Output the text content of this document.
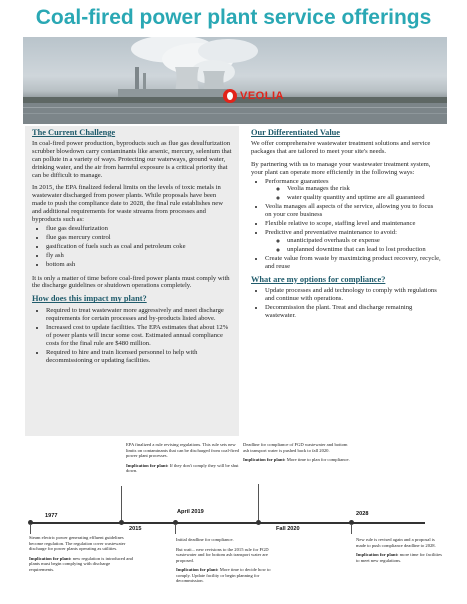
Coal-fired power plant service offerings
VEOLIA
The Current Challenge

In coal-fired power production, byproducts such as flue gas desulfurization scrubber blowdown carry contaminants like arsenic, mercury, selenium that can pollute in a variety of ways. Protecting our waterways, ground water, drinking water, and the air from harmful exposure is a critical priority that can be difficult to manage.

In 2015, the EPA finalized federal limits on the levels of toxic metals in wastewater discharged from power plants. While proposals have been made to push the compliance date to 2028, the final rule establishes new and additional requirements for waste streams from processes and byproducts such as:

• flue gas desulfurization
• flue gas mercury control
• gasification of fuels such as coal and petroleum coke
• fly ash
• bottom ash

It is only a matter of time before coal-fired power plants must comply with the discharge guidelines or shutdown operations completely.

How does this impact my plant?
• Required to treat wastewater more aggressively and meet discharge requirements for certain processes and by-products listed above.
• Increased cost to update facilities. The EPA estimates that about 12% of power plants will incur some cost. Estimated annual compliance costs for the final rule are $480 million.
• Required to hire and train licensed personnel to help with decommissioning or updating facilities.
Our Differentiated Value

We offer comprehensive wastewater treatment solutions and service packages that are tailored to meet your site's needs.

By partnering with us to manage your wastewater treatment system, your plant can operate more efficiently in the following ways:

• Performance guarantees
◦ Veolia manages the risk
◦ water quality quantity and uptime are all guaranteed
• Veolia manages all aspects of the service, allowing you to focus on your core business
• Flexible relative to scope, staffing level and maintenance
• Predictive and preventative maintenance to avoid:
◦ unanticipated overhauls or expense
◦ unplanned downtime that can lead to lost production
• Create value from waste by maximizing product recovery, recycle, and reuse
What are my options for compliance?
• Update processes and add technology to comply with regulations and continue with operations.
• Decommission the plant. Treat and discharge remaining wastewater.
1977
Steam electric power generating effluent guidelines become regulation. The regulation cover wastewater discharge for power plants operating as utilities.
Implication for plant: new regulation is introduced and plants must begin complying with discharge requirements.
2015
EPA finalized a rule revising regulations. This rule sets new limits on contaminants that can be discharged from coal-fired power plant processes.
Implication for plant: If they don't comply they will be shut down.
April 2019
Initial deadline for compliance.
But wait... new revisions to the 2015 rule for FGD wastewater and for bottom ash transport water are proposed.
Implication for plant: More time to decide how to comply. Update facility or begin planning for decommission.
Fall 2020
Deadline for compliance of FGD wastewater and bottom ash transport water is pushed back to fall 2020.
Implication for plant: More time to plan for compliance.
2028
New rule is revised again and a proposal is made to push compliance deadline to 2028.
Implication for plant: more time for facilities to meet new regulations.
